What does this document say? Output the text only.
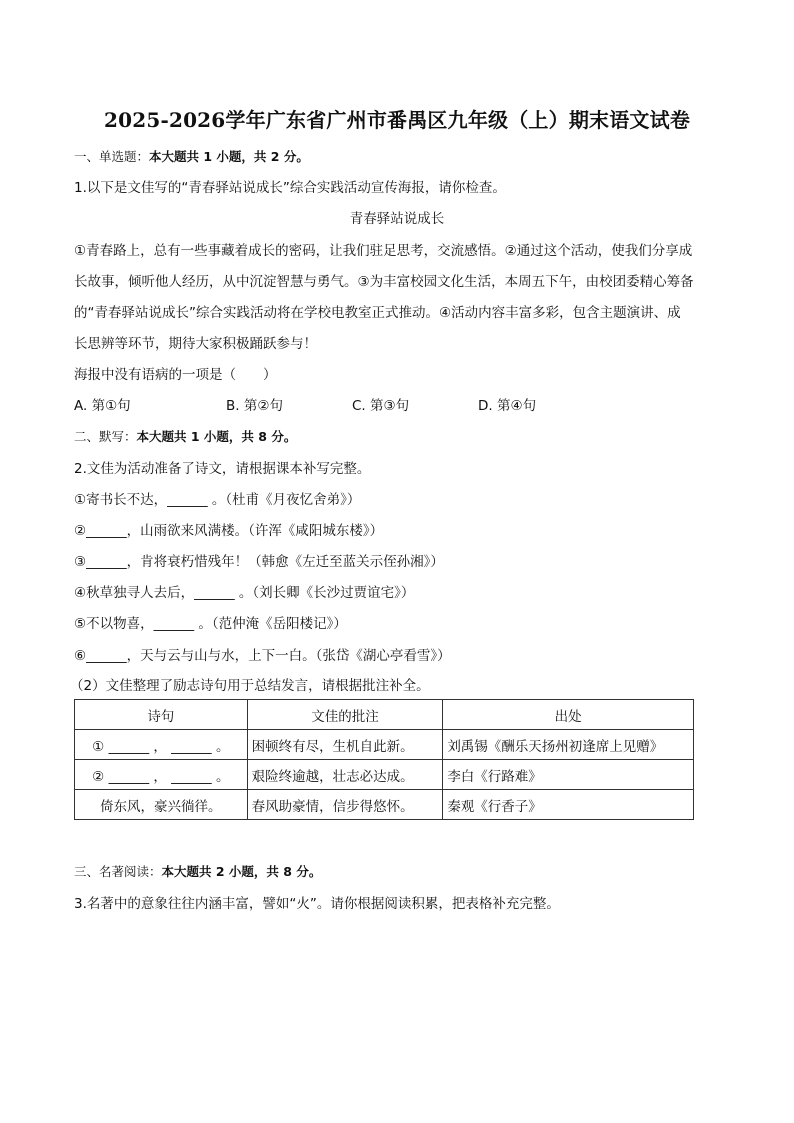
2025-2026学年广东省广州市番禺区九年级（上）期末语文试卷
一、单选题：本大题共 1 小题，共 2 分。
1.以下是文佳写的“青春驿站说成长”综合实践活动宣传海报，请你检查。
青春驿站说成长
①青春路上，总有一些事藏着成长的密码，让我们驻足思考，交流感悟。②通过这个活动，使我们分享成
长故事，倾听他人经历，从中沉淀智慧与勇气。③为丰富校园文化生活，本周五下午，由校团委精心筹备
的“青春驿站说成长”综合实践活动将在学校电教室正式推动。④活动内容丰富多彩，包含主题演讲、成
长思辨等环节，期待大家积极踊跃参与！
海报中没有语病的一项是（　　）
A. 第①句	B. 第②句	C. 第③句	D. 第④句
二、默写：本大题共 1 小题，共 8 分。
2.文佳为活动准备了诗文，请根据课本补写完整。
①寄书长不达，______ 。（杜甫《月夜忆舍弟》）
②______，山雨欲来风满楼。（许浑《咸阳城东楼》）
③______，肯将衰朽惜残年！（韩愈《左迁至蓝关示侄孙湘》）
④秋草独寻人去后，______ 。（刘长卿《长沙过贾谊宅》）
⑤不以物喜，______ 。（范仲淹《岳阳楼记》）
⑥______，天与云与山与水，上下一白。（张岱《湖心亭看雪》）
（2）文佳整理了励志诗句用于总结发言，请根据批注补全。
诗句	文佳的批注	出处
① ______ ， ______ 。	困顿终有尽，生机自此新。	刘禹锡《酬乐天扬州初逢席上见赠》
② ______ ， ______ 。	艰险终逾越，壮志必达成。	李白《行路难》
倚东风，豪兴徜徉。	春风助豪情，信步得悠怀。	秦观《行香子》
三、名著阅读：本大题共 2 小题，共 8 分。
3.名著中的意象往往内涵丰富，譬如“火”。请你根据阅读积累，把表格补充完整。
